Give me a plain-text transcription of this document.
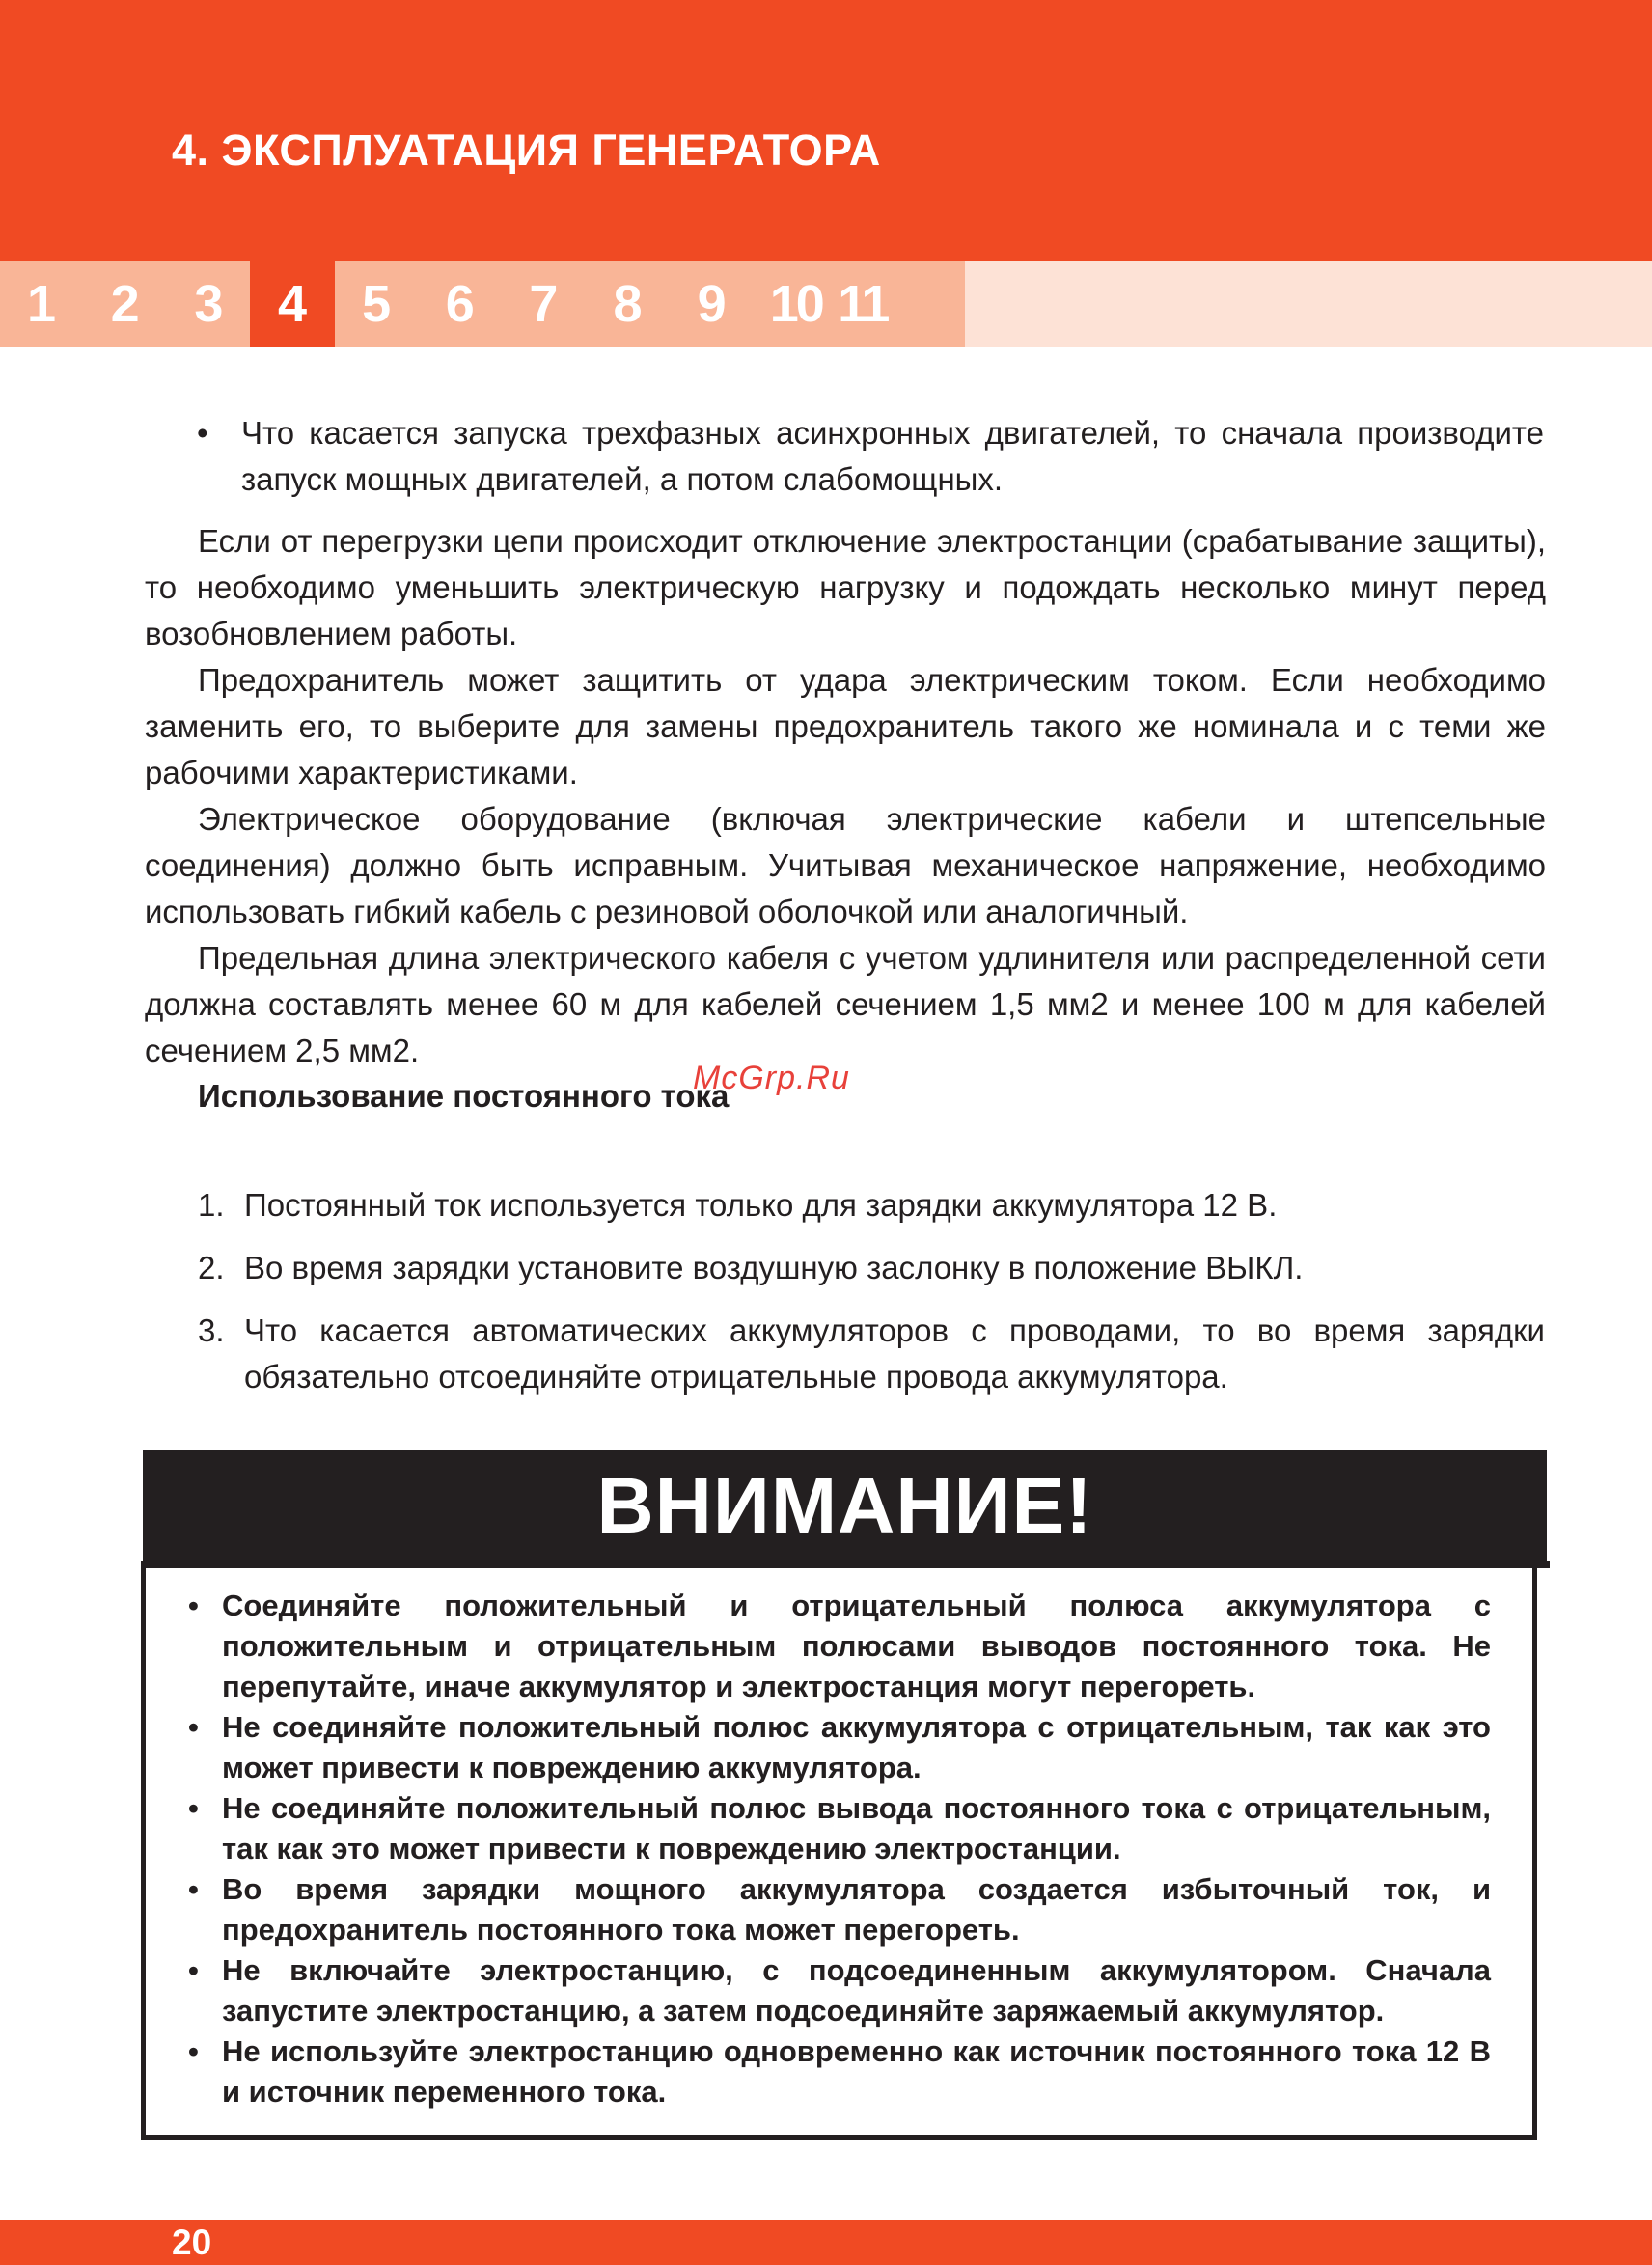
4. ЭКСПЛУАТАЦИЯ ГЕНЕРАТОРА
1	2	3	4	5	6	7	8	9 10 11
• Что касается запуска трехфазных асинхронных двигателей, то сначала производите запуск мощных двигателей, а потом слабомощных.

Если от перегрузки цепи происходит отключение электростанции (срабатывание защиты), то необходимо уменьшить электрическую нагрузку и подождать несколько минут перед возобновлением работы.

Предохранитель может защитить от удара электрическим током. Если необходимо заменить его, то выберите для замены предохранитель такого же номинала и с теми же рабочими характеристиками.

Электрическое оборудование (включая электрические кабели и штепсельные соединения) должно быть исправным. Учитывая механическое напряжение, необходимо использовать гибкий кабель с резиновой оболочкой или аналогичный.

Предельная длина электрического кабеля с учетом удлинителя или распределенной сети должна составлять менее 60 м для кабелей сечением 1,5 мм2 и менее 100 м для кабелей сечением 2,5 мм2.

Использование постоянного тока
McGrp.Ru
1. Постоянный ток используется только для зарядки аккумулятора 12 В.
2. Во время зарядки установите воздушную заслонку в положение ВЫКЛ.
3. Что касается автоматических аккумуляторов с проводами, то во время зарядки обязательно отсоединяйте отрицательные провода аккумулятора.
ВНИМАНИЕ!
• Соединяйте положительный и отрицательный полюса аккумулятора с положительным и отрицательным полюсами выводов постоянного тока. Не перепутайте, иначе аккумулятор и электростанция могут перегореть.
• Не соединяйте положительный полюс аккумулятора с отрицательным, так как это может привести к повреждению аккумулятора.
• Не соединяйте положительный полюс вывода постоянного тока с отрицательным, так как это может привести к повреждению электростанции.
• Во время зарядки мощного аккумулятора создается избыточный ток, и предохранитель постоянного тока может перегореть.
• Не включайте электростанцию, с подсоединенным аккумулятором. Сначала запустите электростанцию, а затем подсоединяйте заряжаемый аккумулятор.
• Не используйте электростанцию одновременно как источник постоянного тока 12 В и источник переменного тока.
20
